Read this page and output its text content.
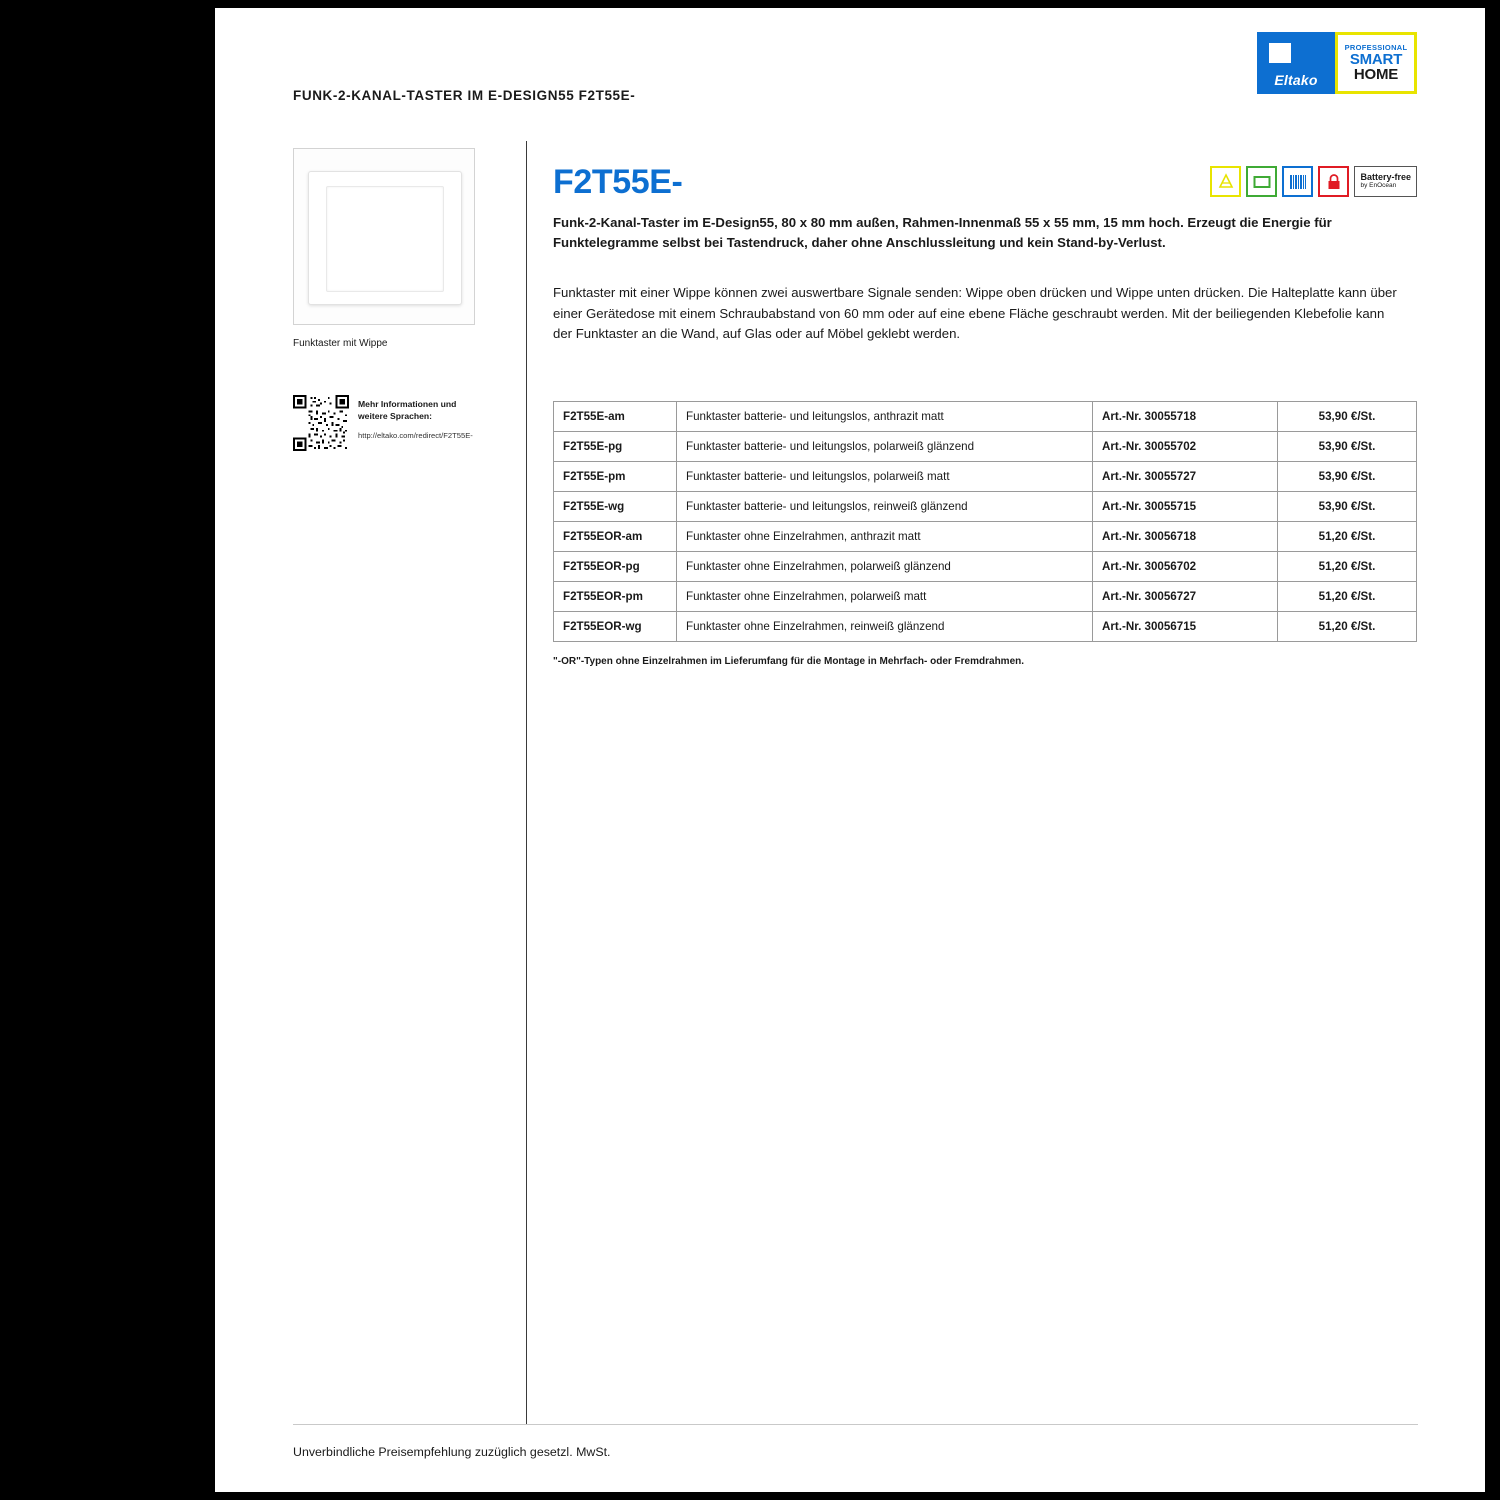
FUNK-2-KANAL-TASTER IM E-DESIGN55 F2T55E-
Eltako
PROFESSIONAL
SMART
HOME
Funktaster mit Wippe
Mehr Informationen und
weitere Sprachen:
http://eltako.com/redirect/F2T55E-
F2T55E-	Battery-free
by EnOcean
Funk-2-Kanal-Taster im E-Design55, 80 x 80 mm außen, Rahmen-Innenmaß 55 x 55 mm, 15 mm hoch. Erzeugt die Energie für Funktelegramme selbst bei Tastendruck, daher ohne Anschlussleitung und kein Stand-by-Verlust.
Funktaster mit einer Wippe können zwei auswertbare Signale senden: Wippe oben drücken und Wippe unten drücken. Die Halteplatte kann über einer Gerätedose mit einem Schraubabstand von 60 mm oder auf eine ebene Fläche geschraubt werden. Mit der beiliegenden Klebefolie kann der Funktaster an die Wand, auf Glas oder auf Möbel geklebt werden.
F2T55E-am	Funktaster batterie- und leitungslos, anthrazit matt	Art.-Nr. 30055718	53,90 €/St.
F2T55E-pg	Funktaster batterie- und leitungslos, polarweiß glänzend	Art.-Nr. 30055702	53,90 €/St.
F2T55E-pm	Funktaster batterie- und leitungslos, polarweiß matt	Art.-Nr. 30055727	53,90 €/St.
F2T55E-wg	Funktaster batterie- und leitungslos, reinweiß glänzend	Art.-Nr. 30055715	53,90 €/St.
F2T55EOR-am	Funktaster ohne Einzelrahmen, anthrazit matt	Art.-Nr. 30056718	51,20 €/St.
F2T55EOR-pg	Funktaster ohne Einzelrahmen, polarweiß glänzend	Art.-Nr. 30056702	51,20 €/St.
F2T55EOR-pm	Funktaster ohne Einzelrahmen, polarweiß matt	Art.-Nr. 30056727	51,20 €/St.
F2T55EOR-wg	Funktaster ohne Einzelrahmen, reinweiß glänzend	Art.-Nr. 30056715	51,20 €/St.
"-OR"-Typen ohne Einzelrahmen im Lieferumfang für die Montage in Mehrfach- oder Fremdrahmen.
Unverbindliche Preisempfehlung zuzüglich gesetzl. MwSt.
